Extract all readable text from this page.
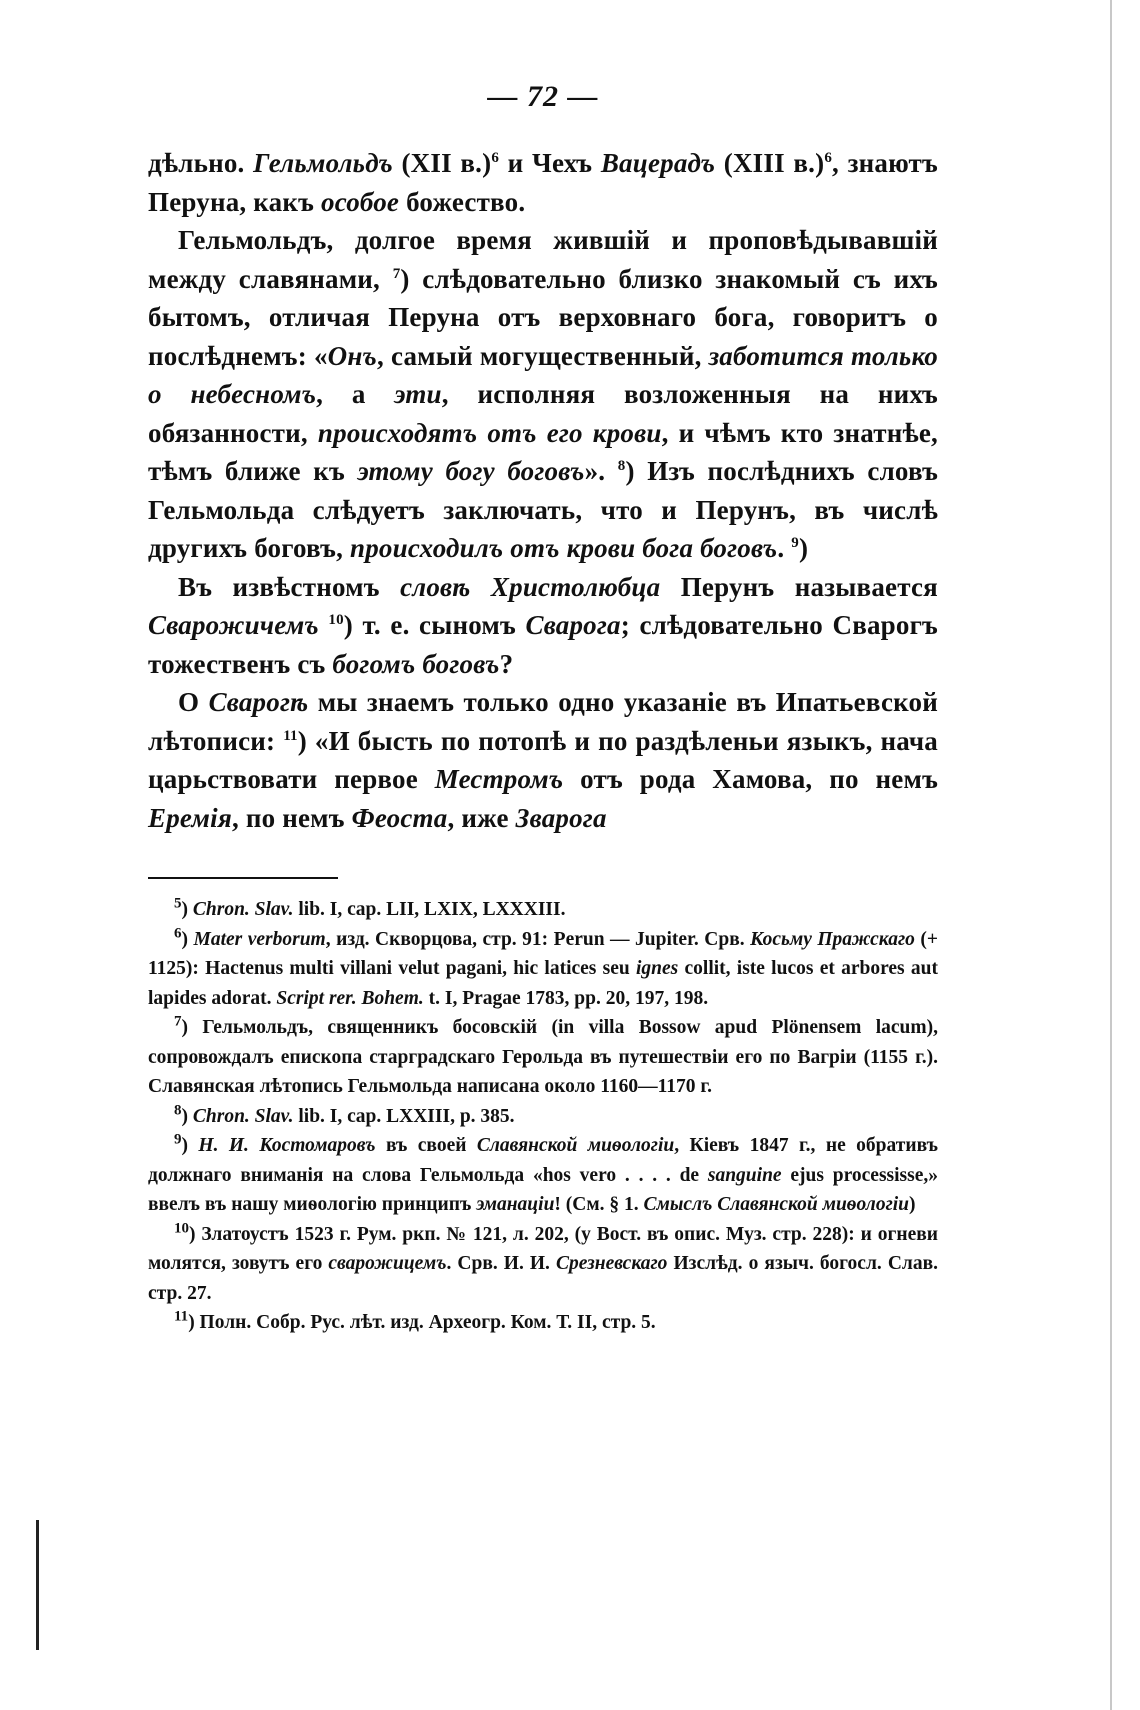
— 72 —

дѣльно. Гельмольдъ (XII в.)$^6$ и Чехъ Вацерадъ (XIII в.)$^6$, знаютъ Перуна, какъ особое божество.

Гельмольдъ, долгое время жившій и проповѣдывавшій между славянами, $^7$) слѣдовательно близко знакомый съ ихъ бытомъ, отличая Перуна отъ верховнаго бога, говоритъ о послѣднемъ: «Онъ, самый могущественный, заботится только о небесномъ, а эти, исполняя возложенныя на нихъ обязанности, происходятъ отъ его крови, и чѣмъ кто знатнѣе, тѣмъ ближе къ этому богу боговъ». $^8$) Изъ послѣднихъ словъ Гельмольда слѣдуетъ заключать, что и Перунъ, въ числѣ другихъ боговъ, происходилъ отъ крови бога боговъ. $^9$)

Въ извѣстномъ словѣ Христолюбца Перунъ называется Сварожичемъ $^{10}$) т. е. сыномъ Сварога; слѣдовательно Сварогъ тожественъ съ богомъ боговъ?

О Сварогѣ мы знаемъ только одно указаніе въ Ипатьевской лѣтописи: $^{11}$) «И бысть по потопѣ и по раздѣленьи языкъ, нача царьствовати первое Местромъ отъ рода Хамова, по немъ Еремія, по немъ Феоста, иже Зварога

$^5$) Chron. Slav. lib. I, cap. LII, LXIX, LXXXIII.

$^6$) Mater verborum, изд. Скворцова, стр. 91: Perun — Jupiter. Срв. Косьму Пражскаго (+ 1125): Hactenus multi villani velut pagani, hic latices seu ignes collit, iste lucos et arbores aut lapides adorat. Script rer. Bohem. t. I, Pragae 1783, pp. 20, 197, 198.

$^7$) Гельмольдъ, священникъ босовскій (in villa Bossow apud Plönensem lacum), сопровождалъ епископа старградскаго Герольда въ путешествіи его по Вагріи (1155 г.). Славянская лѣтопись Гельмольда написана около 1160—1170 г.

$^8$) Chron. Slav. lib. I, cap. LXXIII, p. 385.

$^9$) Н. И. Костомаровъ въ своей Славянской миѳологіи, Кіевъ 1847 г., не обративъ должнаго вниманія на слова Гельмольда «hos vero . . . . de sanguine ejus processisse,» ввелъ въ нашу миѳологію принципъ эманаціи! (См. § 1. Смыслъ Славянской миѳологіи)

$^{10}$) Златоустъ 1523 г. Рум. ркп. № 121, л. 202, (у Вост. въ опис. Муз. стр. 228): и огневи молятся, зовутъ его сварожицемъ. Срв. И. И. Срезневскаго Изслѣд. о языч. богосл. Слав. стр. 27.

$^{11}$) Полн. Собр. Рус. лѣт. изд. Археогр. Ком. Т. II, стр. 5.
